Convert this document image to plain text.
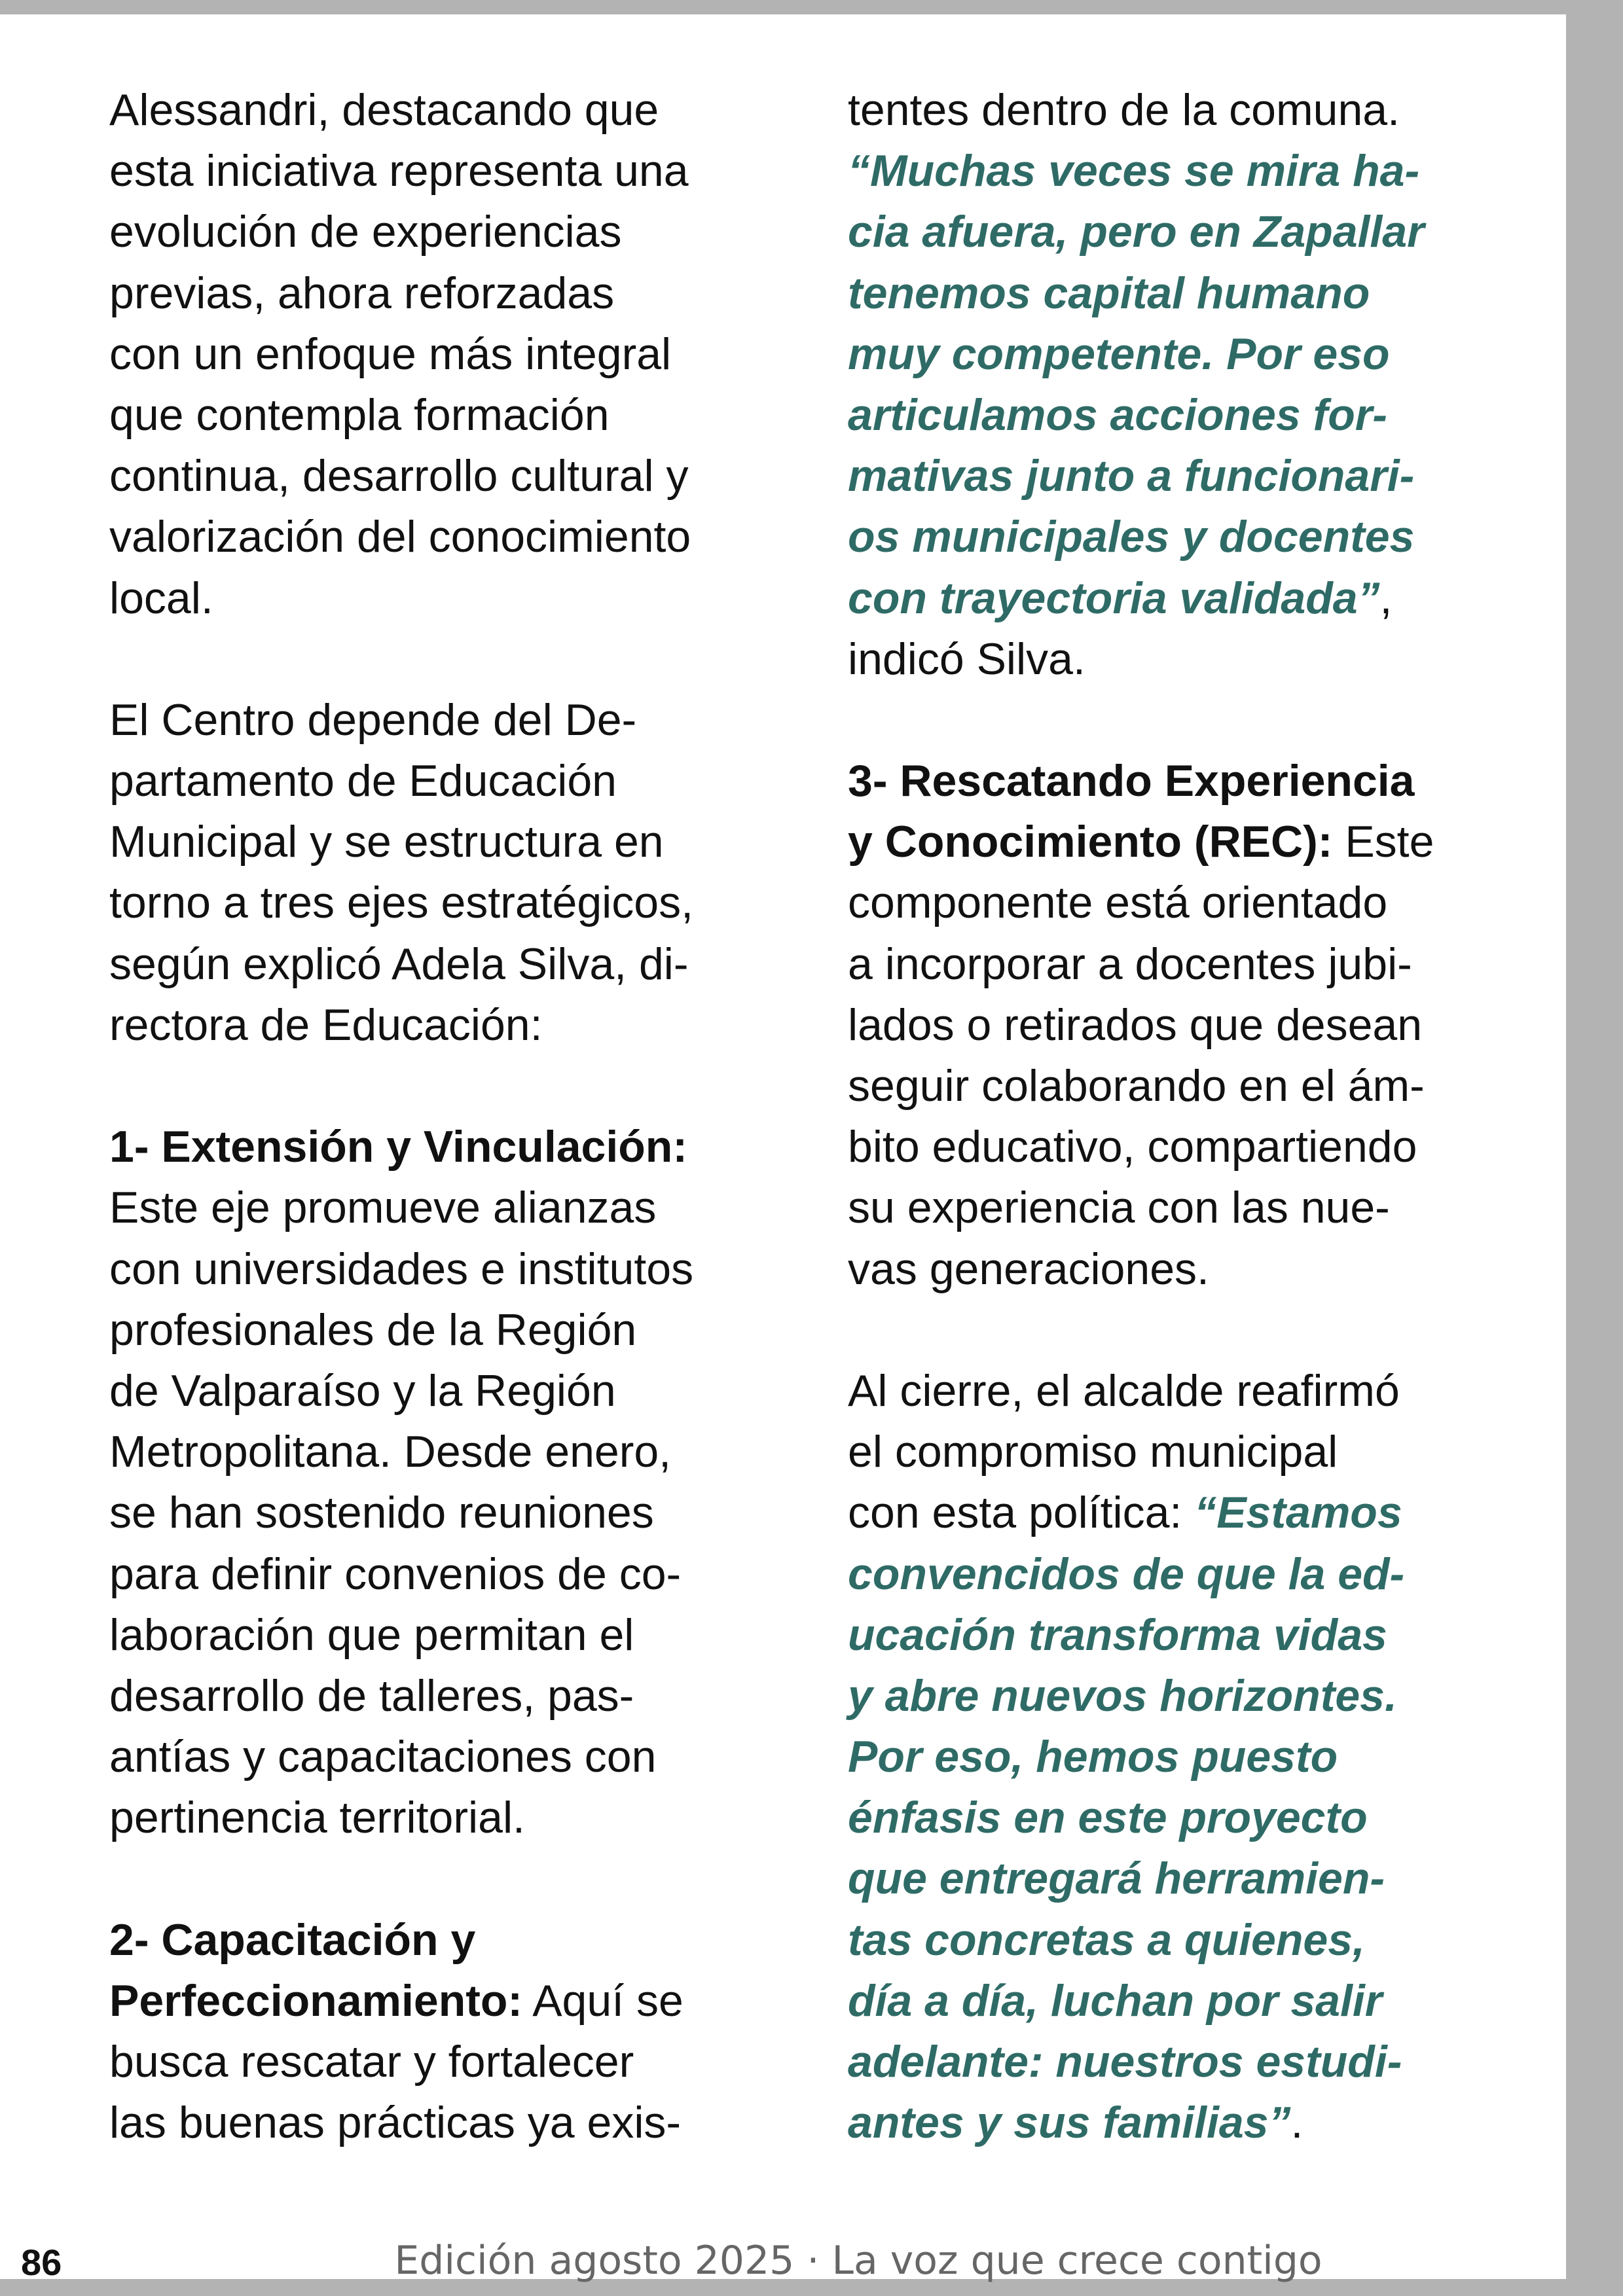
Alessandri, destacando que
esta iniciativa representa una
evolución de experiencias
previas, ahora reforzadas
con un enfoque más integral
que contempla formación
continua, desarrollo cultural y
valorización del conocimiento
local.
El Centro depende del De-
partamento de Educación
Municipal y se estructura en
torno a tres ejes estratégicos,
según explicó Adela Silva, di-
rectora de Educación:
1- Extensión y Vinculación:
Este eje promueve alianzas
con universidades e institutos
profesionales de la Región
de Valparaíso y la Región
Metropolitana. Desde enero,
se han sostenido reuniones
para definir convenios de co-
laboración que permitan el
desarrollo de talleres, pas-
antías y capacitaciones con
pertinencia territorial.
2- Capacitación y
Perfeccionamiento: Aquí se
busca rescatar y fortalecer
las buenas prácticas ya exis-
tentes dentro de la comuna.
“Muchas veces se mira ha-
cia afuera, pero en Zapallar
tenemos capital humano
muy competente. Por eso
articulamos acciones for-
mativas junto a funcionari-
os municipales y docentes
con trayectoria validada”,
indicó Silva.
3- Rescatando Experiencia
y Conocimiento (REC): Este
componente está orientado
a incorporar a docentes jubi-
lados o retirados que desean
seguir colaborando en el ám-
bito educativo, compartiendo
su experiencia con las nue-
vas generaciones.
Al cierre, el alcalde reafirmó
el compromiso municipal
con esta política: “Estamos
convencidos de que la ed-
ucación transforma vidas
y abre nuevos horizontes.
Por eso, hemos puesto
énfasis en este proyecto
que entregará herramien-
tas concretas a quienes,
día a día, luchan por salir
adelante: nuestros estudi-
antes y sus familias”.
86	Edición agosto 2025 · La voz que crece contigo
